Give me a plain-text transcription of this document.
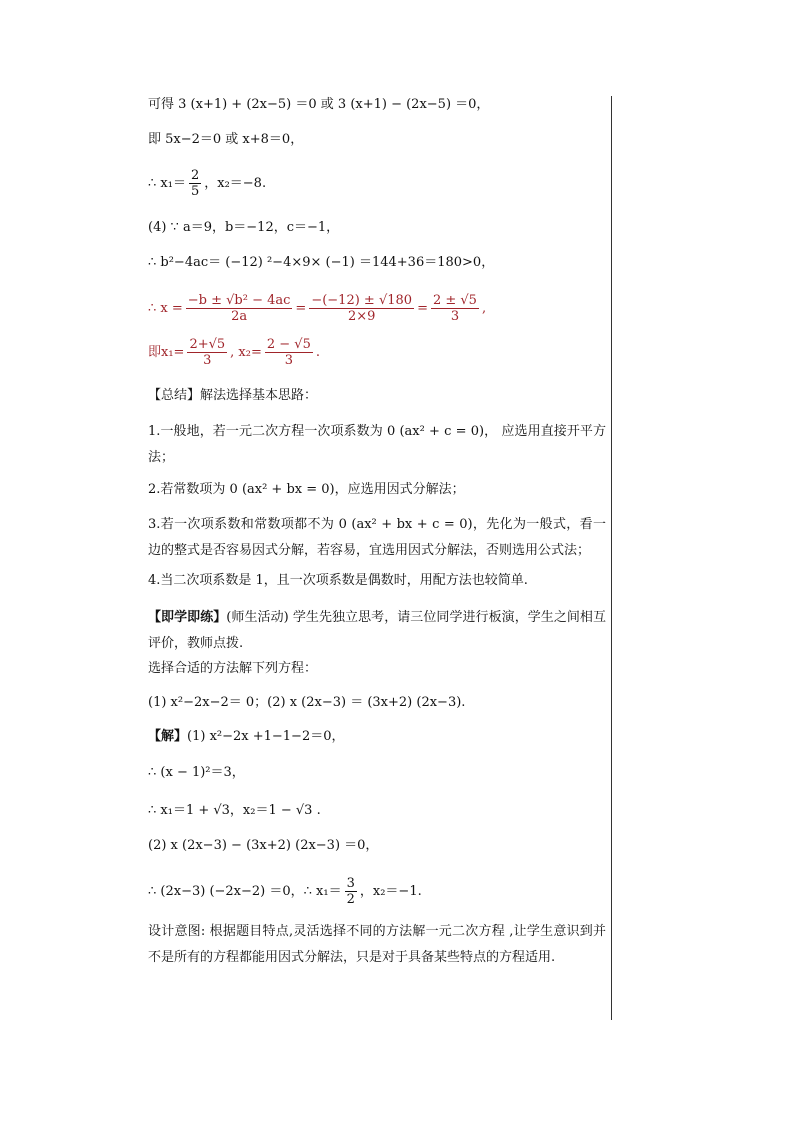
可得 3 (x+1) + (2x−5) ＝0 或 3 (x+1) − (2x−5) ＝0，
即 5x−2＝0 或 x+8＝0，
∴ $x_1= \frac{2}{5}$ ，x₂＝−8.
(4) ∵ a＝9，b＝−12，c＝−1，
∴ b²−4ac＝ (−12) ²−4×9× (−1) ＝144+36＝180>0，
∴ $x = \frac{\text{−b ± √b² − 4ac}}{2a} = \frac{-(-12) \pm √180}{2\times 9} = \frac{2 \pm √5}{3}$ ,
即$x_1= \frac{2+√5}{3}$ , $x_2= \frac{2 - √5}{3}$ .
【总结】解法选择基本思路：
1.一般地，若一元二次方程一次项系数为 0 (ax² + c = 0)， 应选用直接开平方法；
2.若常数项为 0 (ax² + bx = 0)，应选用因式分解法；
3.若一次项系数和常数项都不为 0 (ax² + bx + c = 0)，先化为一般式，看一边的整式是否容易因式分解，若容易，宜选用因式分解法，否则选用公式法；
4.当二次项系数是 1，且一次项系数是偶数时，用配方法也较简单.
【即学即练】(师生活动) 学生先独立思考，请三位同学进行板演，学生之间相互评价，教师点拨.
选择合适的方法解下列方程：
(1) x²−2x−2＝ 0；(2) x (2x−3) ＝ (3x+2) (2x−3).
【解】(1) x²−2x +1−1−2＝0，
∴ (x − 1)²＝3，
∴ x₁＝1 + √3，x₂＝1 − √3 .
(2) x (2x−3) − (3x+2) (2x−3) ＝0，
∴ (2x−3) (−2x−2) ＝0，∴ $x_1= \frac{3}{2}$ ，x₂＝−1.
设计意图: 根据题目特点,灵活选择不同的方法解一元二次方程 ,让学生意识到并不是所有的方程都能用因式分解法，只是对于具备某些特点的方程适用.
